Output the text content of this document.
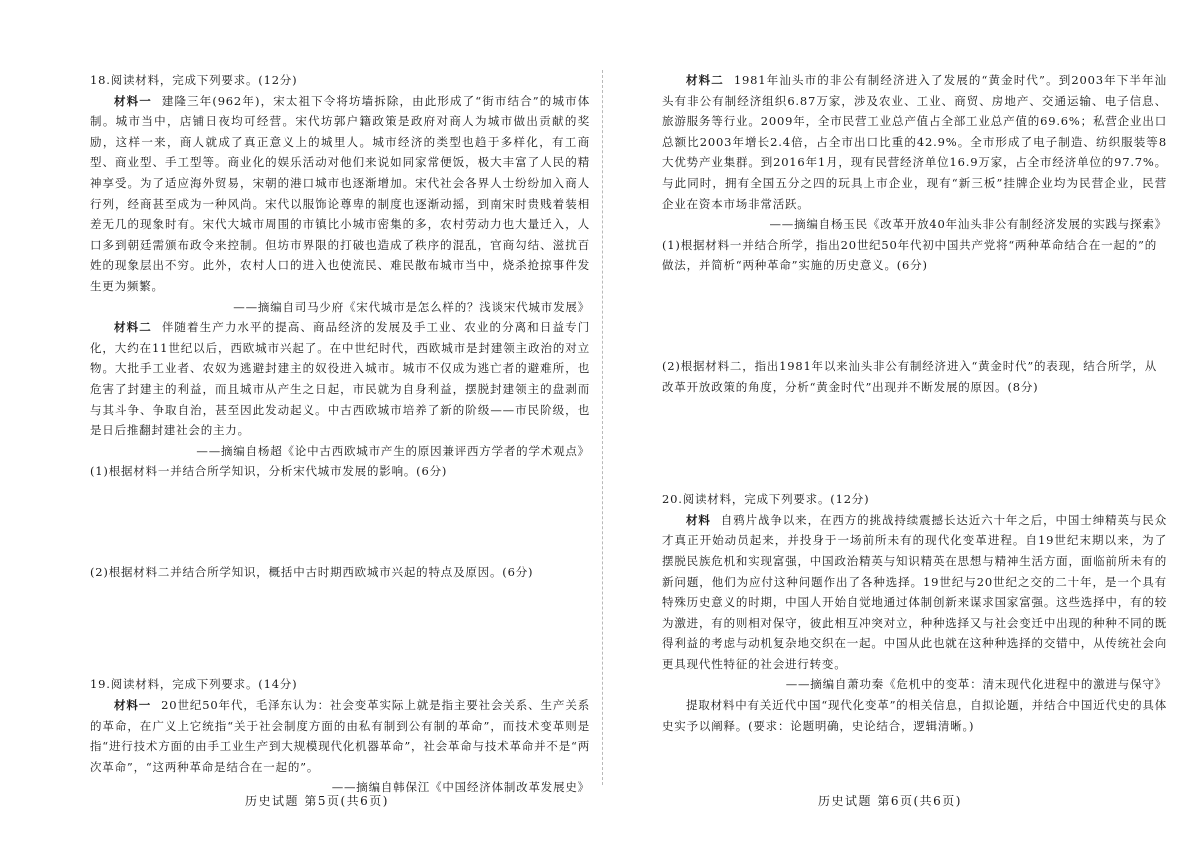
18.阅读材料，完成下列要求。(12分)

材料一 建隆三年(962年)，宋太祖下令将坊墙拆除，由此形成了“街市结合”的城市体制。城市当中，店铺日夜均可经营。宋代坊郭户籍政策是政府对商人为城市做出贡献的奖励，这样一来，商人就成了真正意义上的城里人。城市经济的类型也趋于多样化，有工商型、商业型、手工型等。商业化的娱乐活动对他们来说如同家常便饭，极大丰富了人民的精神享受。为了适应海外贸易，宋朝的港口城市也逐渐增加。宋代社会各界人士纷纷加入商人行列，经商甚至成为一种风尚。宋代以服饰论尊卑的制度也逐渐动摇，到南宋时贵贱着装相差无几的现象时有。宋代大城市周围的市镇比小城市密集的多，农村劳动力也大量迁入，人口多到朝廷需颁布政令来控制。但坊市界限的打破也造成了秩序的混乱，官商勾结、滋扰百姓的现象层出不穷。此外，农村人口的进入也使流民、难民散布城市当中，烧杀抢掠事件发生更为频繁。

——摘编自司马少府《宋代城市是怎么样的？浅谈宋代城市发展》

材料二 伴随着生产力水平的提高、商品经济的发展及手工业、农业的分离和日益专门化，大约在11世纪以后，西欧城市兴起了。在中世纪时代，西欧城市是封建领主政治的对立物。大批手工业者、农奴为逃避封建主的奴役进入城市。城市不仅成为逃亡者的避难所，也危害了封建主的利益，而且城市从产生之日起，市民就为自身利益，摆脱封建领主的盘剥而与其斗争、争取自治，甚至因此发动起义。中古西欧城市培养了新的阶级——市民阶级，也是日后推翻封建社会的主力。

——摘编自杨超《论中古西欧城市产生的原因兼评西方学者的学术观点》

(1)根据材料一并结合所学知识，分析宋代城市发展的影响。(6分)

(2)根据材料二并结合所学知识，概括中古时期西欧城市兴起的特点及原因。(6分)

19.阅读材料，完成下列要求。(14分)

材料一 20世纪50年代，毛泽东认为：社会变革实际上就是指主要社会关系、生产关系的革命，在广义上它统指“关于社会制度方面的由私有制到公有制的革命”，而技术变革则是指“进行技术方面的由手工业生产到大规模现代化机器革命”，社会革命与技术革命并不是“两次革命”，“这两种革命是结合在一起的”。

——摘编自韩保江《中国经济体制改革发展史》

材料二 1981年汕头市的非公有制经济进入了发展的“黄金时代”。到2003年下半年汕头有非公有制经济组织6.87万家，涉及农业、工业、商贸、房地产、交通运输、电子信息、旅游服务等行业。2009年，全市民营工业总产值占全部工业总产值的69.6%；私营企业出口总额比2003年增长2.4倍，占全市出口比重的42.9%。全市形成了电子制造、纺织服装等8大优势产业集群。到2016年1月，现有民营经济单位16.9万家，占全市经济单位的97.7%。与此同时，拥有全国五分之四的玩具上市企业，现有“新三板”挂牌企业均为民营企业，民营企业在资本市场非常活跃。

——摘编自杨玉民《改革开放40年汕头非公有制经济发展的实践与探索》

(1)根据材料一并结合所学，指出20世纪50年代初中国共产党将“两种革命结合在一起的”的做法，并简析“两种革命”实施的历史意义。(6分)

(2)根据材料二，指出1981年以来汕头非公有制经济进入“黄金时代”的表现，结合所学，从改革开放政策的角度，分析“黄金时代”出现并不断发展的原因。(8分)

20.阅读材料，完成下列要求。(12分)

材料 自鸦片战争以来，在西方的挑战持续震撼长达近六十年之后，中国士绅精英与民众才真正开始动员起来，并投身于一场前所未有的现代化变革进程。自19世纪末期以来，为了摆脱民族危机和实现富强，中国政治精英与知识精英在思想与精神生活方面，面临前所未有的新问题，他们为应付这种问题作出了各种选择。19世纪与20世纪之交的二十年，是一个具有特殊历史意义的时期，中国人开始自觉地通过体制创新来谋求国家富强。这些选择中，有的较为激进，有的则相对保守，彼此相互冲突对立，种种选择又与社会变迁中出现的种种不同的既得利益的考虑与动机复杂地交织在一起。中国从此也就在这种种选择的交错中，从传统社会向更具现代性特征的社会进行转变。

——摘编自萧功秦《危机中的变革：清末现代化进程中的激进与保守》

提取材料中有关近代中国“现代化变革”的相关信息，自拟论题，并结合中国近代史的具体史实予以阐释。(要求：论题明确，史论结合，逻辑清晰。)

历史试题 第5页(共6页)	历史试题 第6页(共6页)
